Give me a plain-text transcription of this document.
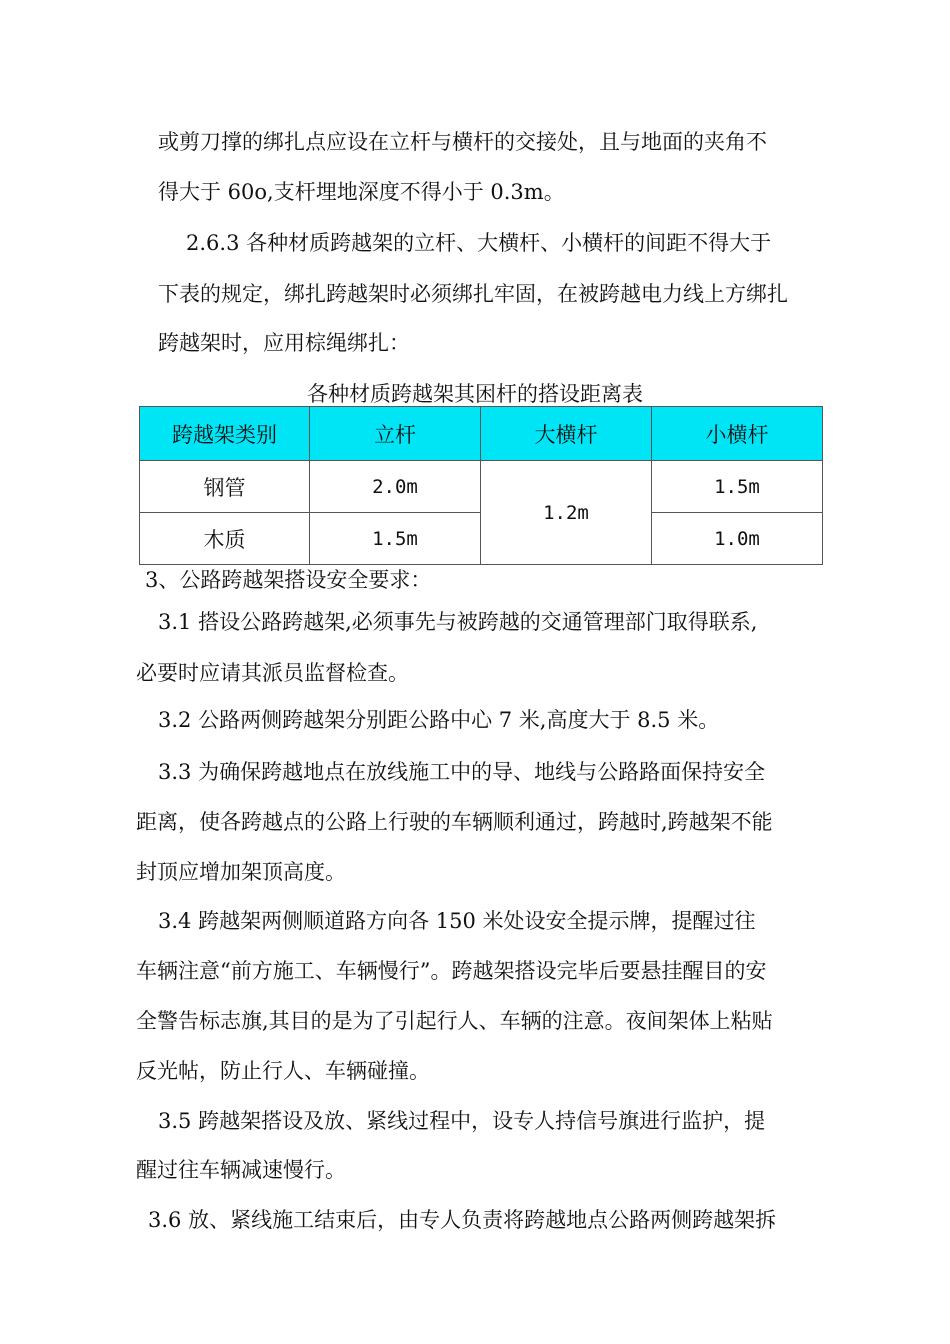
或剪刀撑的绑扎点应设在立杆与横杆的交接处，且与地面的夹角不
得大于 60o,支杆埋地深度不得小于 0.3m。
2.6.3 各种材质跨越架的立杆、大横杆、小横杆的间距不得大于
下表的规定，绑扎跨越架时必须绑扎牢固，在被跨越电力线上方绑扎
跨越架时，应用棕绳绑扎：
各种材质跨越架其困杆的搭设距离表
跨越架类别	立杆	大横杆	小横杆
钢管	2.0m	1.2m	1.5m
木质	1.5m		1.0m
3、公路跨越架搭设安全要求：
3.1 搭设公路跨越架,必须事先与被跨越的交通管理部门取得联系,
必要时应请其派员监督检查。
3.2 公路两侧跨越架分别距公路中心 7 米,高度大于 8.5 米。
3.3 为确保跨越地点在放线施工中的导、地线与公路路面保持安全
距离，使各跨越点的公路上行驶的车辆顺利通过，跨越时,跨越架不能
封顶应增加架顶高度。
3.4 跨越架两侧顺道路方向各 150 米处设安全提示牌，提醒过往
车辆注意“前方施工、车辆慢行”。跨越架搭设完毕后要悬挂醒目的安
全警告标志旗,其目的是为了引起行人、车辆的注意。夜间架体上粘贴
反光帖，防止行人、车辆碰撞。
3.5 跨越架搭设及放、紧线过程中，设专人持信号旗进行监护，提
醒过往车辆减速慢行。
3.6 放、紧线施工结束后，由专人负责将跨越地点公路两侧跨越架拆
